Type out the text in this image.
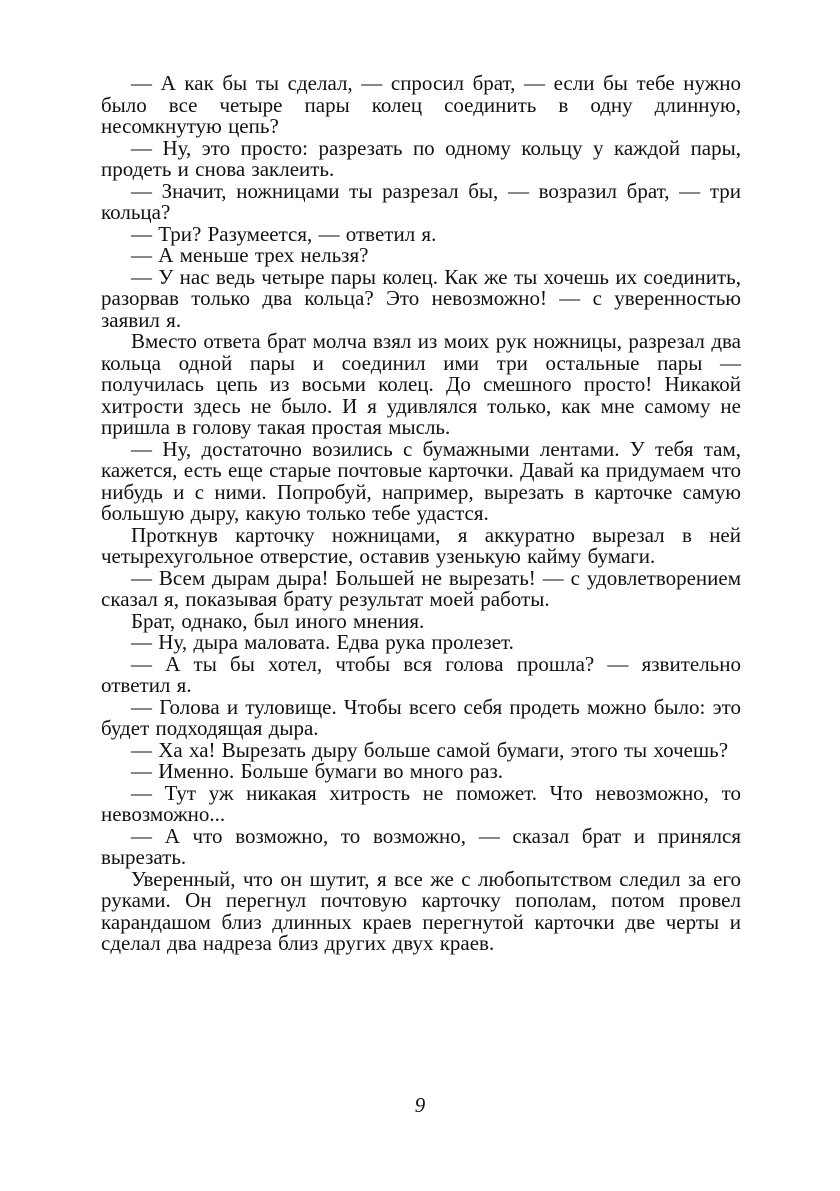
— А как бы ты сделал, — спросил брат, — если бы тебе нужно было все четыре пары колец соединить в одну длинную, несомкнутую цепь?

— Ну, это просто: разрезать по одному кольцу у каждой пары, продеть и снова заклеить.

— Значит, ножницами ты разрезал бы, — возразил брат, — три кольца?

— Три? Разумеется, — ответил я.

— А меньше трех нельзя?

— У нас ведь четыре пары колец. Как же ты хочешь их соединить, разорвав только два кольца? Это невозможно! — с уверенностью заявил я.

Вместо ответа брат молча взял из моих рук ножницы, разрезал два кольца одной пары и соединил ими три остальные пары — получилась цепь из восьми колец. До смешного просто! Никакой хитрости здесь не было. И я удивлялся только, как мне самому не пришла в голову такая простая мысль.

— Ну, достаточно возились с бумажными лентами. У тебя там, кажется, есть еще старые почтовые карточки. Давай ка придумаем что нибудь и с ними. Попробуй, например, вырезать в карточке самую большую дыру, какую только тебе удастся.

Проткнув карточку ножницами, я аккуратно вырезал в ней четырехугольное отверстие, оставив узенькую кайму бумаги.

— Всем дырам дыра! Большей не вырезать! — с удовлетворением сказал я, показывая брату результат моей работы.

Брат, однако, был иного мнения.

— Ну, дыра маловата. Едва рука пролезет.

— А ты бы хотел, чтобы вся голова прошла? — язвительно ответил я.

— Голова и туловище. Чтобы всего себя продеть можно было: это будет подходящая дыра.

— Ха ха! Вырезать дыру больше самой бумаги, этого ты хочешь?

— Именно. Больше бумаги во много раз.

— Тут уж никакая хитрость не поможет. Что невозможно, то невозможно...

— А что возможно, то возможно, — сказал брат и принялся вырезать.

Уверенный, что он шутит, я все же с любопытством следил за его руками. Он перегнул почтовую карточку пополам, потом провел карандашом близ длинных краев перегнутой карточки две черты и сделал два надреза близ других двух краев.

9
